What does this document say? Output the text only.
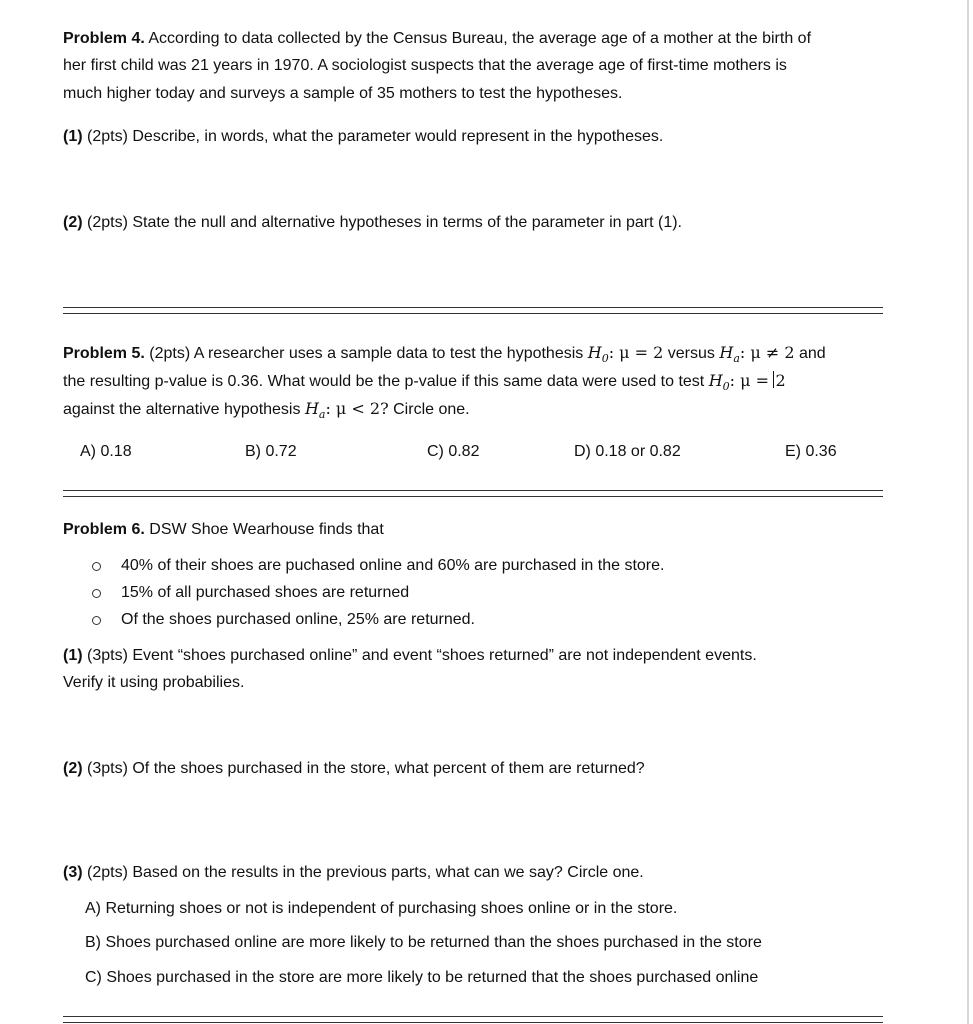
Problem 4. According to data collected by the Census Bureau, the average age of a mother at the birth of
her first child was 21 years in 1970. A sociologist suspects that the average age of first-time mothers is
much higher today and surveys a sample of 35 mothers to test the hypotheses.
(1) (2pts) Describe, in words, what the parameter would represent in the hypotheses.
(2) (2pts) State the null and alternative hypotheses in terms of the parameter in part (1).
Problem 5. (2pts) A researcher uses a sample data to test the hypothesis $H_0$: μ = 2 versus $H_a$: μ ≠ 2 and
the resulting p-value is 0.36. What would be the p-value if this same data were used to test $H_0$: μ = 2
against the alternative hypothesis $H_a$: μ < 2? Circle one.
A) 0.18	B) 0.72	C) 0.82	D) 0.18 or 0.82	E) 0.36
Problem 6. DSW Shoe Wearhouse finds that
40% of their shoes are puchased online and 60% are purchased in the store.
15% of all purchased shoes are returned
Of the shoes purchased online, 25% are returned.
(1) (3pts) Event “shoes purchased online” and event “shoes returned” are not independent events.
Verify it using probabilies.
(2) (3pts) Of the shoes purchased in the store, what percent of them are returned?
(3) (2pts) Based on the results in the previous parts, what can we say? Circle one.
A) Returning shoes or not is independent of purchasing shoes online or in the store.
B) Shoes purchased online are more likely to be returned than the shoes purchased in the store
C) Shoes purchased in the store are more likely to be returned that the shoes purchased online
